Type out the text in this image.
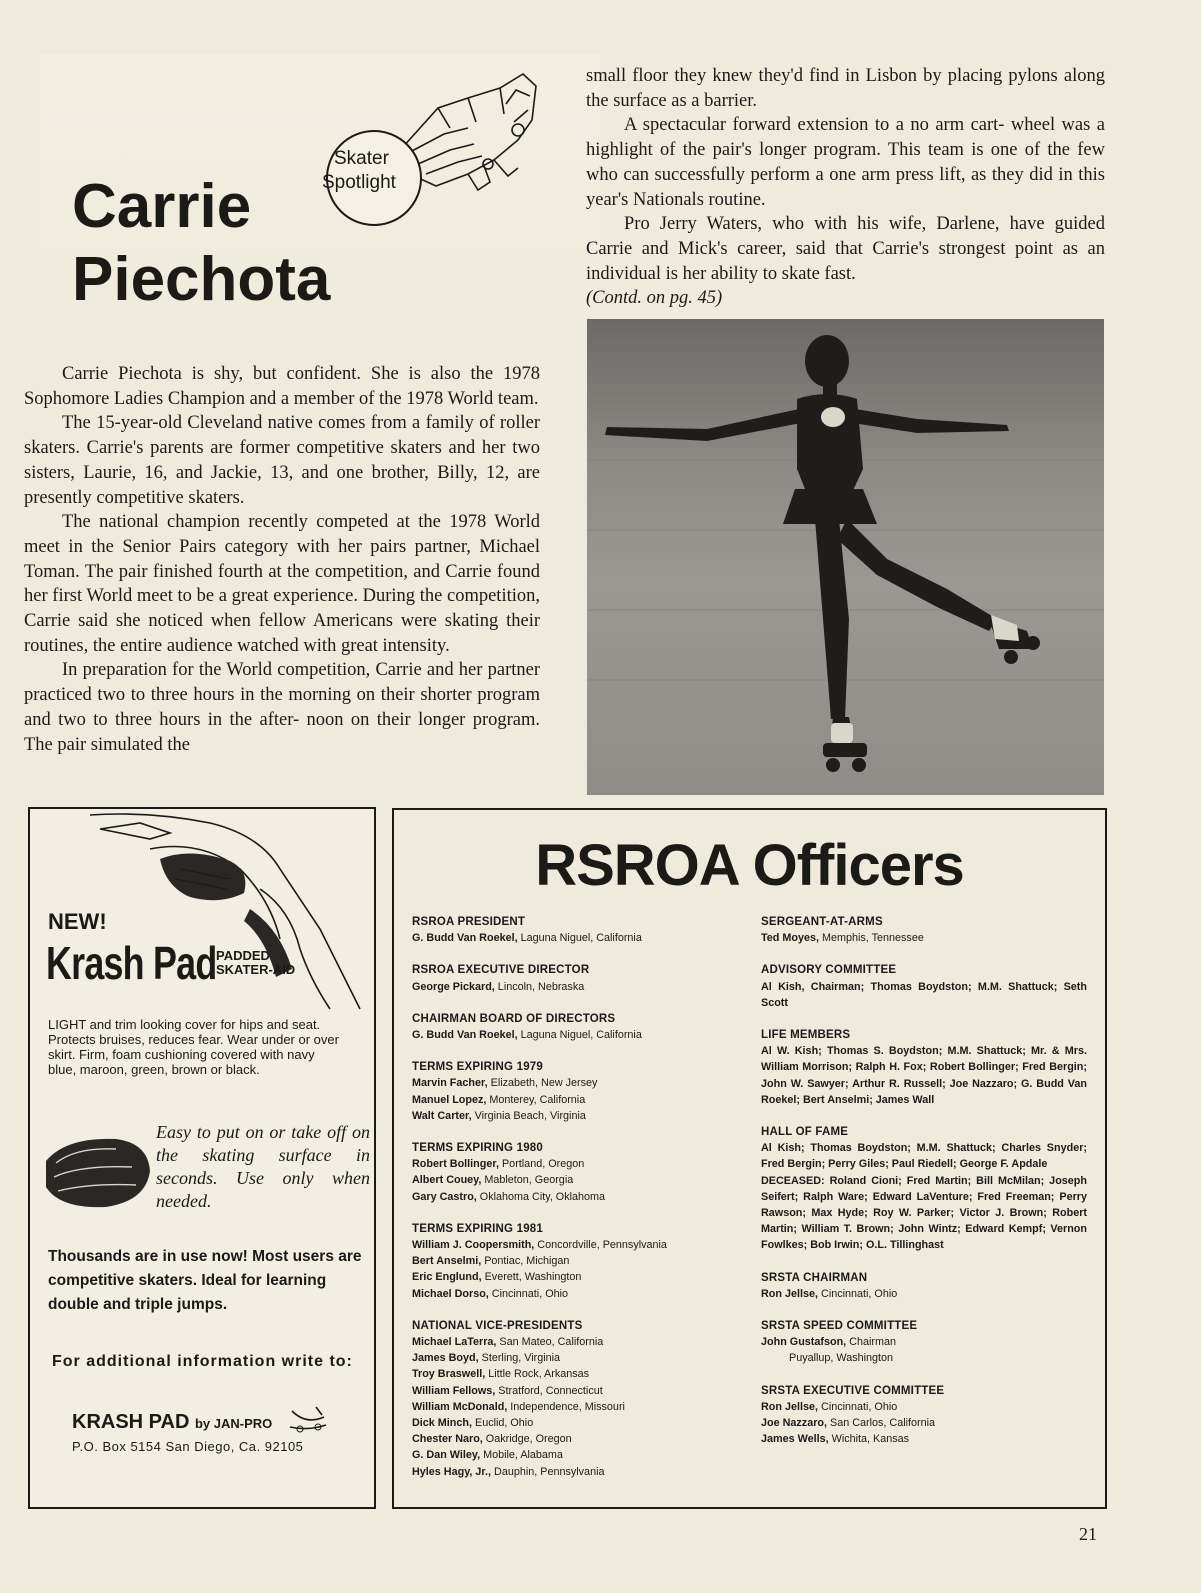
Skater
Spotlight
Carrie
Piechota

Carrie Piechota is shy, but confident. She is also the 1978 Sophomore Ladies Champion and a member of the 1978 World team.

The 15-year-old Cleveland native comes from a family of roller skaters. Carrie's parents are former competitive skaters and her two sisters, Laurie, 16, and Jackie, 13, and one brother, Billy, 12, are presently competitive skaters.

The national champion recently competed at the 1978 World meet in the Senior Pairs category with her pairs partner, Michael Toman. The pair finished fourth at the competition, and Carrie found her first World meet to be a great experience. During the competition, Carrie said she noticed when fellow Americans were skating their routines, the entire audience watched with great intensity.

In preparation for the World competition, Carrie and her partner practiced two to three hours in the morning on their shorter program and two to three hours in the after- noon on their longer program. The pair simulated the

small floor they knew they'd find in Lisbon by placing pylons along the surface as a barrier.

A spectacular forward extension to a no arm cart- wheel was a highlight of the pair's longer program. This team is one of the few who can successfully perform a one arm press lift, as they did in this year's Nationals routine.

Pro Jerry Waters, who with his wife, Darlene, have guided Carrie and Mick's career, said that Carrie's strongest point as an individual is her ability to skate fast.

(Contd. on pg. 45)

NEW!
Krash Pad PADDED
SKATER-AID
LIGHT and trim looking cover for hips and seat. Protects bruises, reduces fear. Wear under or over skirt. Firm, foam cushioning covered with navy blue, maroon, green, brown or black.
Easy to put on or take off on the skating surface in seconds. Use only when needed.
Thousands are in use now! Most users are competitive skaters. Ideal for learning double and triple jumps.
For additional information write to:
KRASH PAD by JAN-PRO
P.O. Box 5154 San Diego, Ca. 92105
RSROA Officers
RSROA PRESIDENT
G. Budd Van Roekel, Laguna Niguel, California
RSROA EXECUTIVE DIRECTOR
George Pickard, Lincoln, Nebraska
CHAIRMAN BOARD OF DIRECTORS
G. Budd Van Roekel, Laguna Niguel, California
TERMS EXPIRING 1979
Marvin Facher, Elizabeth, New Jersey
Manuel Lopez, Monterey, California
Walt Carter, Virginia Beach, Virginia
TERMS EXPIRING 1980
Robert Bollinger, Portland, Oregon
Albert Couey, Mableton, Georgia
Gary Castro, Oklahoma City, Oklahoma
TERMS EXPIRING 1981
William J. Coopersmith, Concordville, Pennsylvania
Bert Anselmi, Pontiac, Michigan
Eric Englund, Everett, Washington
Michael Dorso, Cincinnati, Ohio
NATIONAL VICE-PRESIDENTS
Michael LaTerra, San Mateo, California
James Boyd, Sterling, Virginia
Troy Braswell, Little Rock, Arkansas
William Fellows, Stratford, Connecticut
William McDonald, Independence, Missouri
Dick Minch, Euclid, Ohio
Chester Naro, Oakridge, Oregon
G. Dan Wiley, Mobile, Alabama
Hyles Hagy, Jr., Dauphin, Pennsylvania
SERGEANT-AT-ARMS
Ted Moyes, Memphis, Tennessee
ADVISORY COMMITTEE
Al Kish, Chairman; Thomas Boydston; M.M. Shattuck; Seth Scott
LIFE MEMBERS
Al W. Kish; Thomas S. Boydston; M.M. Shattuck; Mr. & Mrs. William Morrison; Ralph H. Fox; Robert Bollinger; Fred Bergin; John W. Sawyer; Arthur R. Russell; Joe Nazzaro; G. Budd Van Roekel; Bert Anselmi; James Wall
HALL OF FAME
Al Kish; Thomas Boydston; M.M. Shattuck; Charles Snyder; Fred Bergin; Perry Giles; Paul Riedell; George F. Apdale
DECEASED: Roland Cioni; Fred Martin; Bill McMilan; Joseph Seifert; Ralph Ware; Edward LaVenture; Fred Freeman; Perry Rawson; Max Hyde; Roy W. Parker; Victor J. Brown; Robert Martin; William T. Brown; John Wintz; Edward Kempf; Vernon Fowlkes; Bob Irwin; O.L. Tillinghast
SRSTA CHAIRMAN
Ron Jellse, Cincinnati, Ohio
SRSTA SPEED COMMITTEE
John Gustafson, Chairman
Puyallup, Washington
SRSTA EXECUTIVE COMMITTEE
Ron Jellse, Cincinnati, Ohio
Joe Nazzaro, San Carlos, California
James Wells, Wichita, Kansas
21
